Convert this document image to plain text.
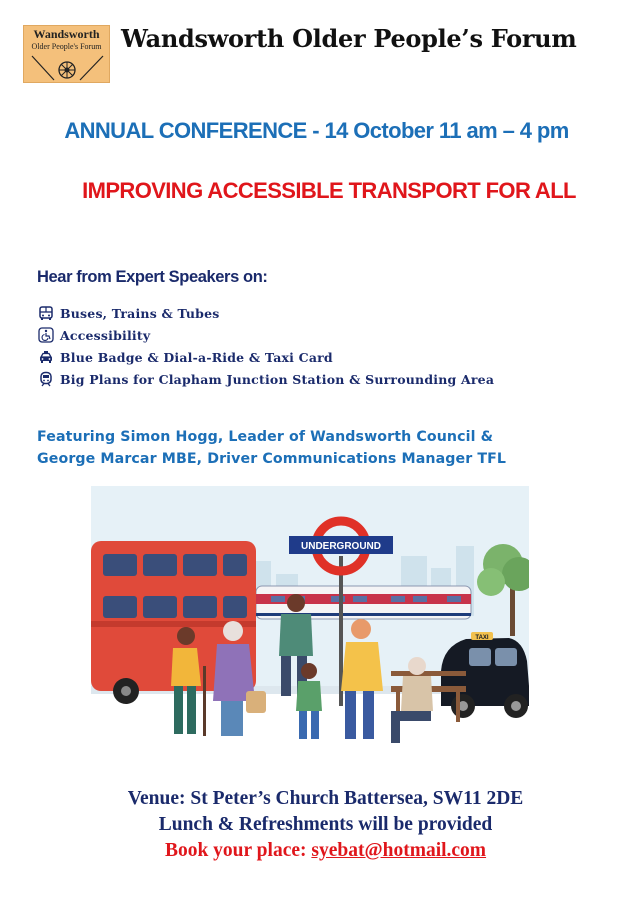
Wandsworth
Older People's Forum Wandsworth Older People’s Forum
ANNUAL CONFERENCE - 14 October 11 am – 4 pm
IMPROVING ACCESSIBLE TRANSPORT FOR ALL
Hear from Expert Speakers on:
Buses, Trains & Tubes
Accessibility
Blue Badge & Dial-a-Ride & Taxi Card
Big Plans for Clapham Junction Station & Surrounding Area
Featuring Simon Hogg, Leader of Wandsworth Council &
George Marcar MBE, Driver Communications Manager TFL
UNDERGROUND
TAXI
Venue: St Peter’s Church Battersea, SW11 2DE
Lunch & Refreshments will be provided
Book your place: syebat@hotmail.com
